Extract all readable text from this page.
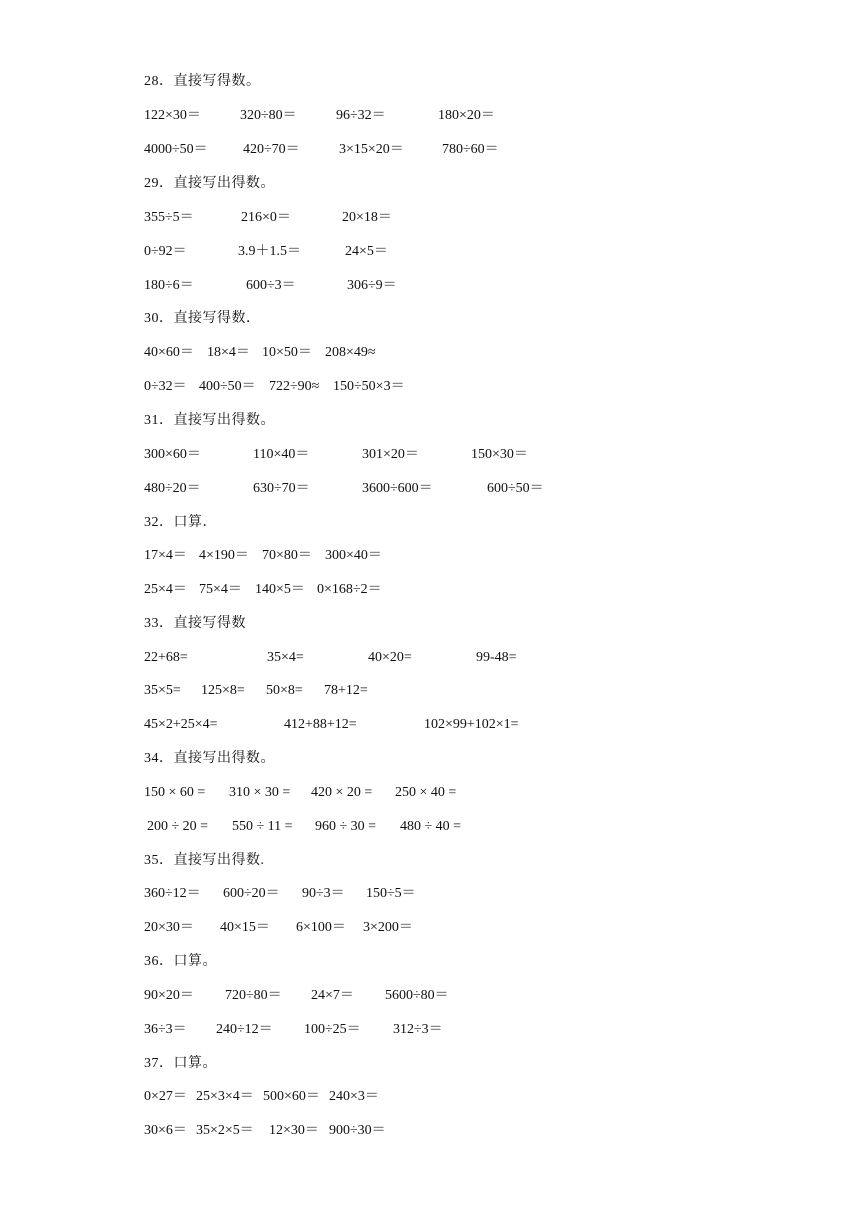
28．直接写得数。
122×30＝	320÷80＝	96÷32＝	180×20＝
4000÷50＝	420÷70＝	3×15×20＝	780÷60＝
29．直接写出得数。
355÷5＝	216×0＝	20×18＝
0÷92＝	3.9＋1.5＝	24×5＝
180÷6＝	600÷3＝	306÷9＝
30．直接写得数．
40×60＝ 18×4＝ 10×50＝ 208×49≈
0÷32＝ 400÷50＝ 722÷90≈ 150÷50×3＝
31．直接写出得数。
300×60＝	110×40＝	301×20＝	150×30＝
480÷20＝	630÷70＝	3600÷600＝	600÷50＝
32．口算．
17×4＝ 4×190＝ 70×80＝ 300×40＝
25×4＝ 75×4＝ 140×5＝ 0×168÷2＝
33．直接写得数
22+68=	35×4=	40×20=	99-48=
35×5= 125×8= 50×8= 78+12=
45×2+25×4=	412+88+12=	102×99+102×1=
34．直接写出得数。
150 × 60 = 310 × 30 = 420 × 20 = 250 × 40 =
200 ÷ 20 = 550 ÷ 11 = 960 ÷ 30 = 480 ÷ 40 =
35．直接写出得数.
360÷12＝ 600÷20＝ 90÷3＝ 150÷5＝
20×30＝ 40×15＝ 6×100＝ 3×200＝
36．口算。
90×20＝ 720÷80＝ 24×7＝ 5600÷80＝
36÷3＝ 240÷12＝ 100÷25＝ 312÷3＝
37．口算。
0×27＝ 25×3×4＝ 500×60＝ 240×3＝
30×6＝ 35×2×5＝ 12×30＝ 900÷30＝
